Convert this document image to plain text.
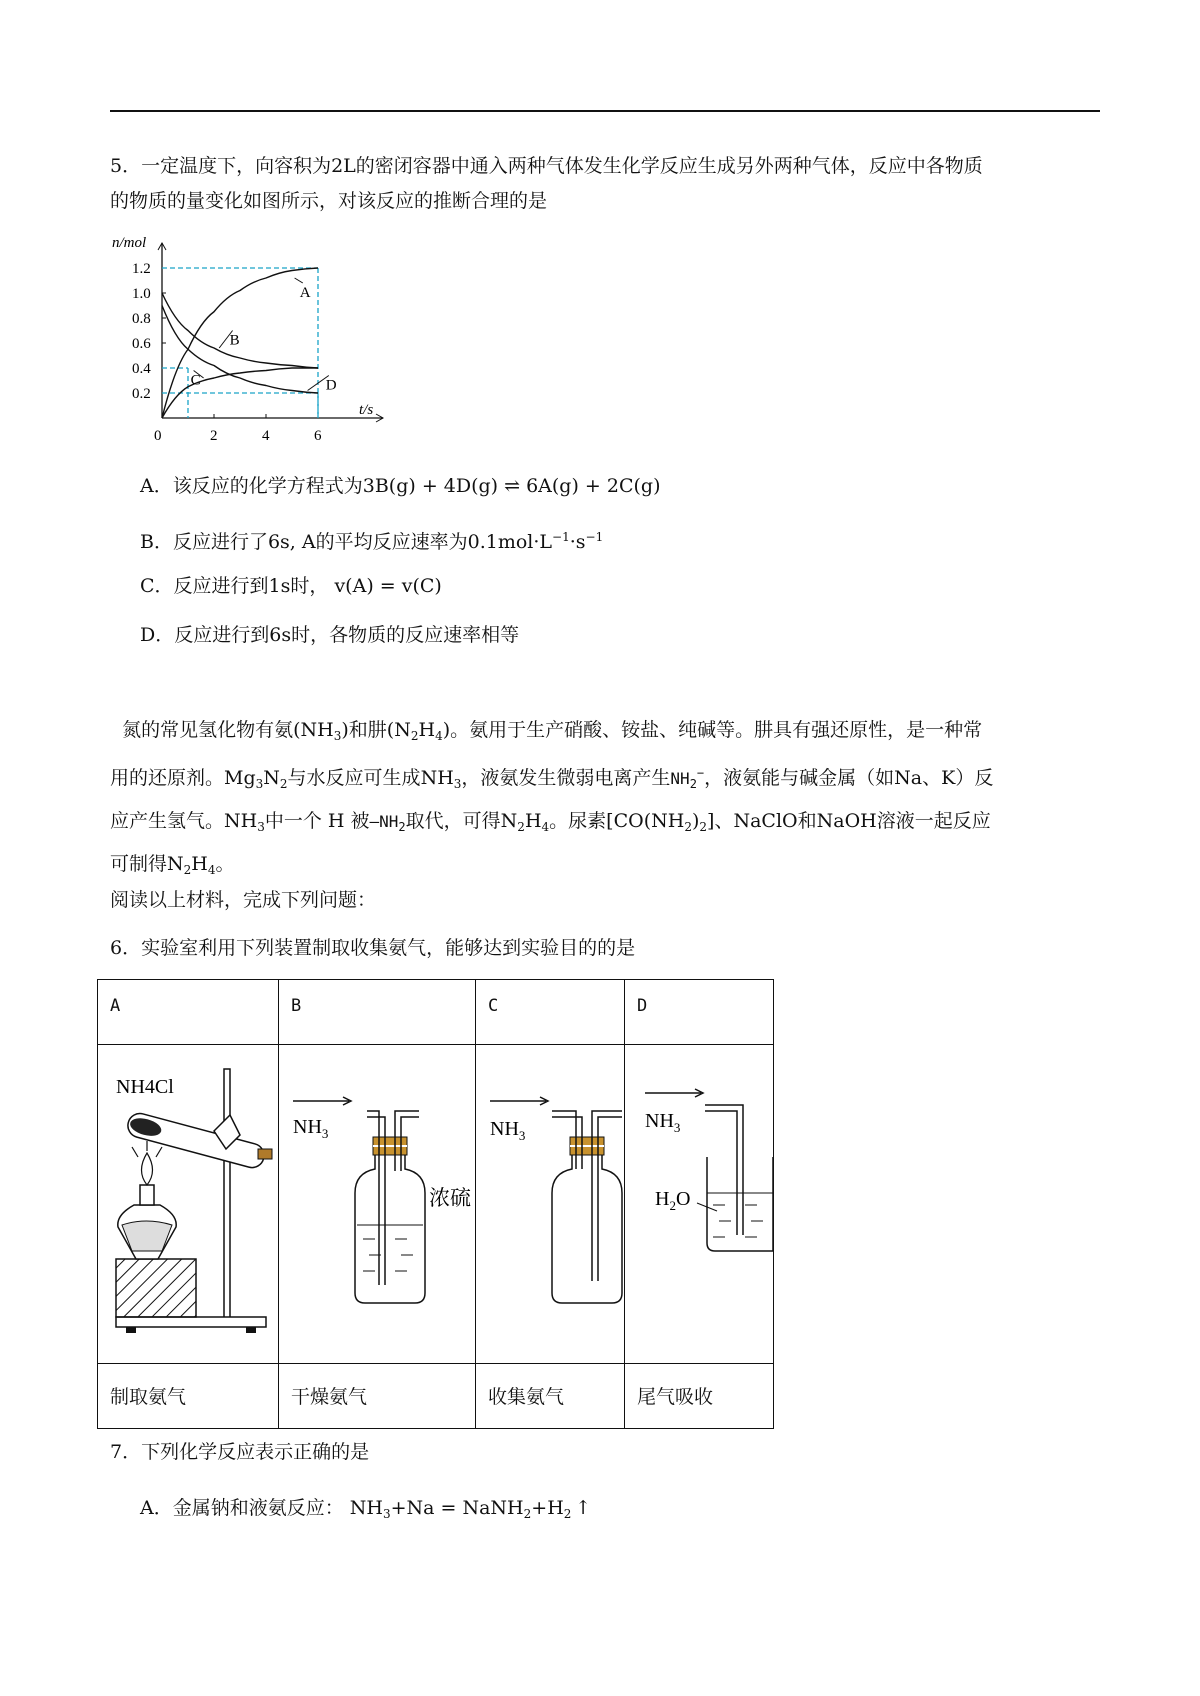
5．一定温度下，向容积为2L的密闭容器中通入两种气体发生化学反应生成另外两种气体，反应中各物质
的物质的量变化如图所示，对该反应的推断合理的是
n/mol
t/s
0	2	4	6
0.2
0.4
0.6
0.8
1.0
1.2
A
B
C	D
A．该反应的化学方程式为3B(g) + 4D(g) ⇌ 6A(g) + 2C(g)
B．反应进行了6s, A的平均反应速率为$0.1mol\cdot L^{-1}\cdot s^{-1}$
C．反应进行到1s时， v(A) = v(C)
D．反应进行到6s时，各物质的反应速率相等
氮的常见氢化物有氨$(NH_3)$和肼$(N_2H_4)$。氨用于生产硝酸、铵盐、纯碱等。肼具有强还原性，是一种常
用的还原剂。$Mg_3N_2$与水反应可生成$NH_3$，液氨发生微弱电离产生$NH_2^-$，液氨能与碱金属（如Na、K）反
应产生氢气。$NH_3$中一个 H 被$—NH_2$取代，可得$N_2H_4$。尿素$[CO(NH_2)_2]$、NaClO和NaOH溶液一起反应
可制得$N_2H_4$。
阅读以上材料，完成下列问题：
6．实验室利用下列装置制取收集氨气，能够达到实验目的的是
A	B	C	D

NH4Cl	$NH_3$
浓硫	$NH_3$	$NH_3$
$H_2O$

制取氨气	干燥氨气	收集氨气	尾气吸收
7．下列化学反应表示正确的是
A．金属钠和液氨反应： $NH_3+Na$ = $NaNH_2+H_2$ ↑
